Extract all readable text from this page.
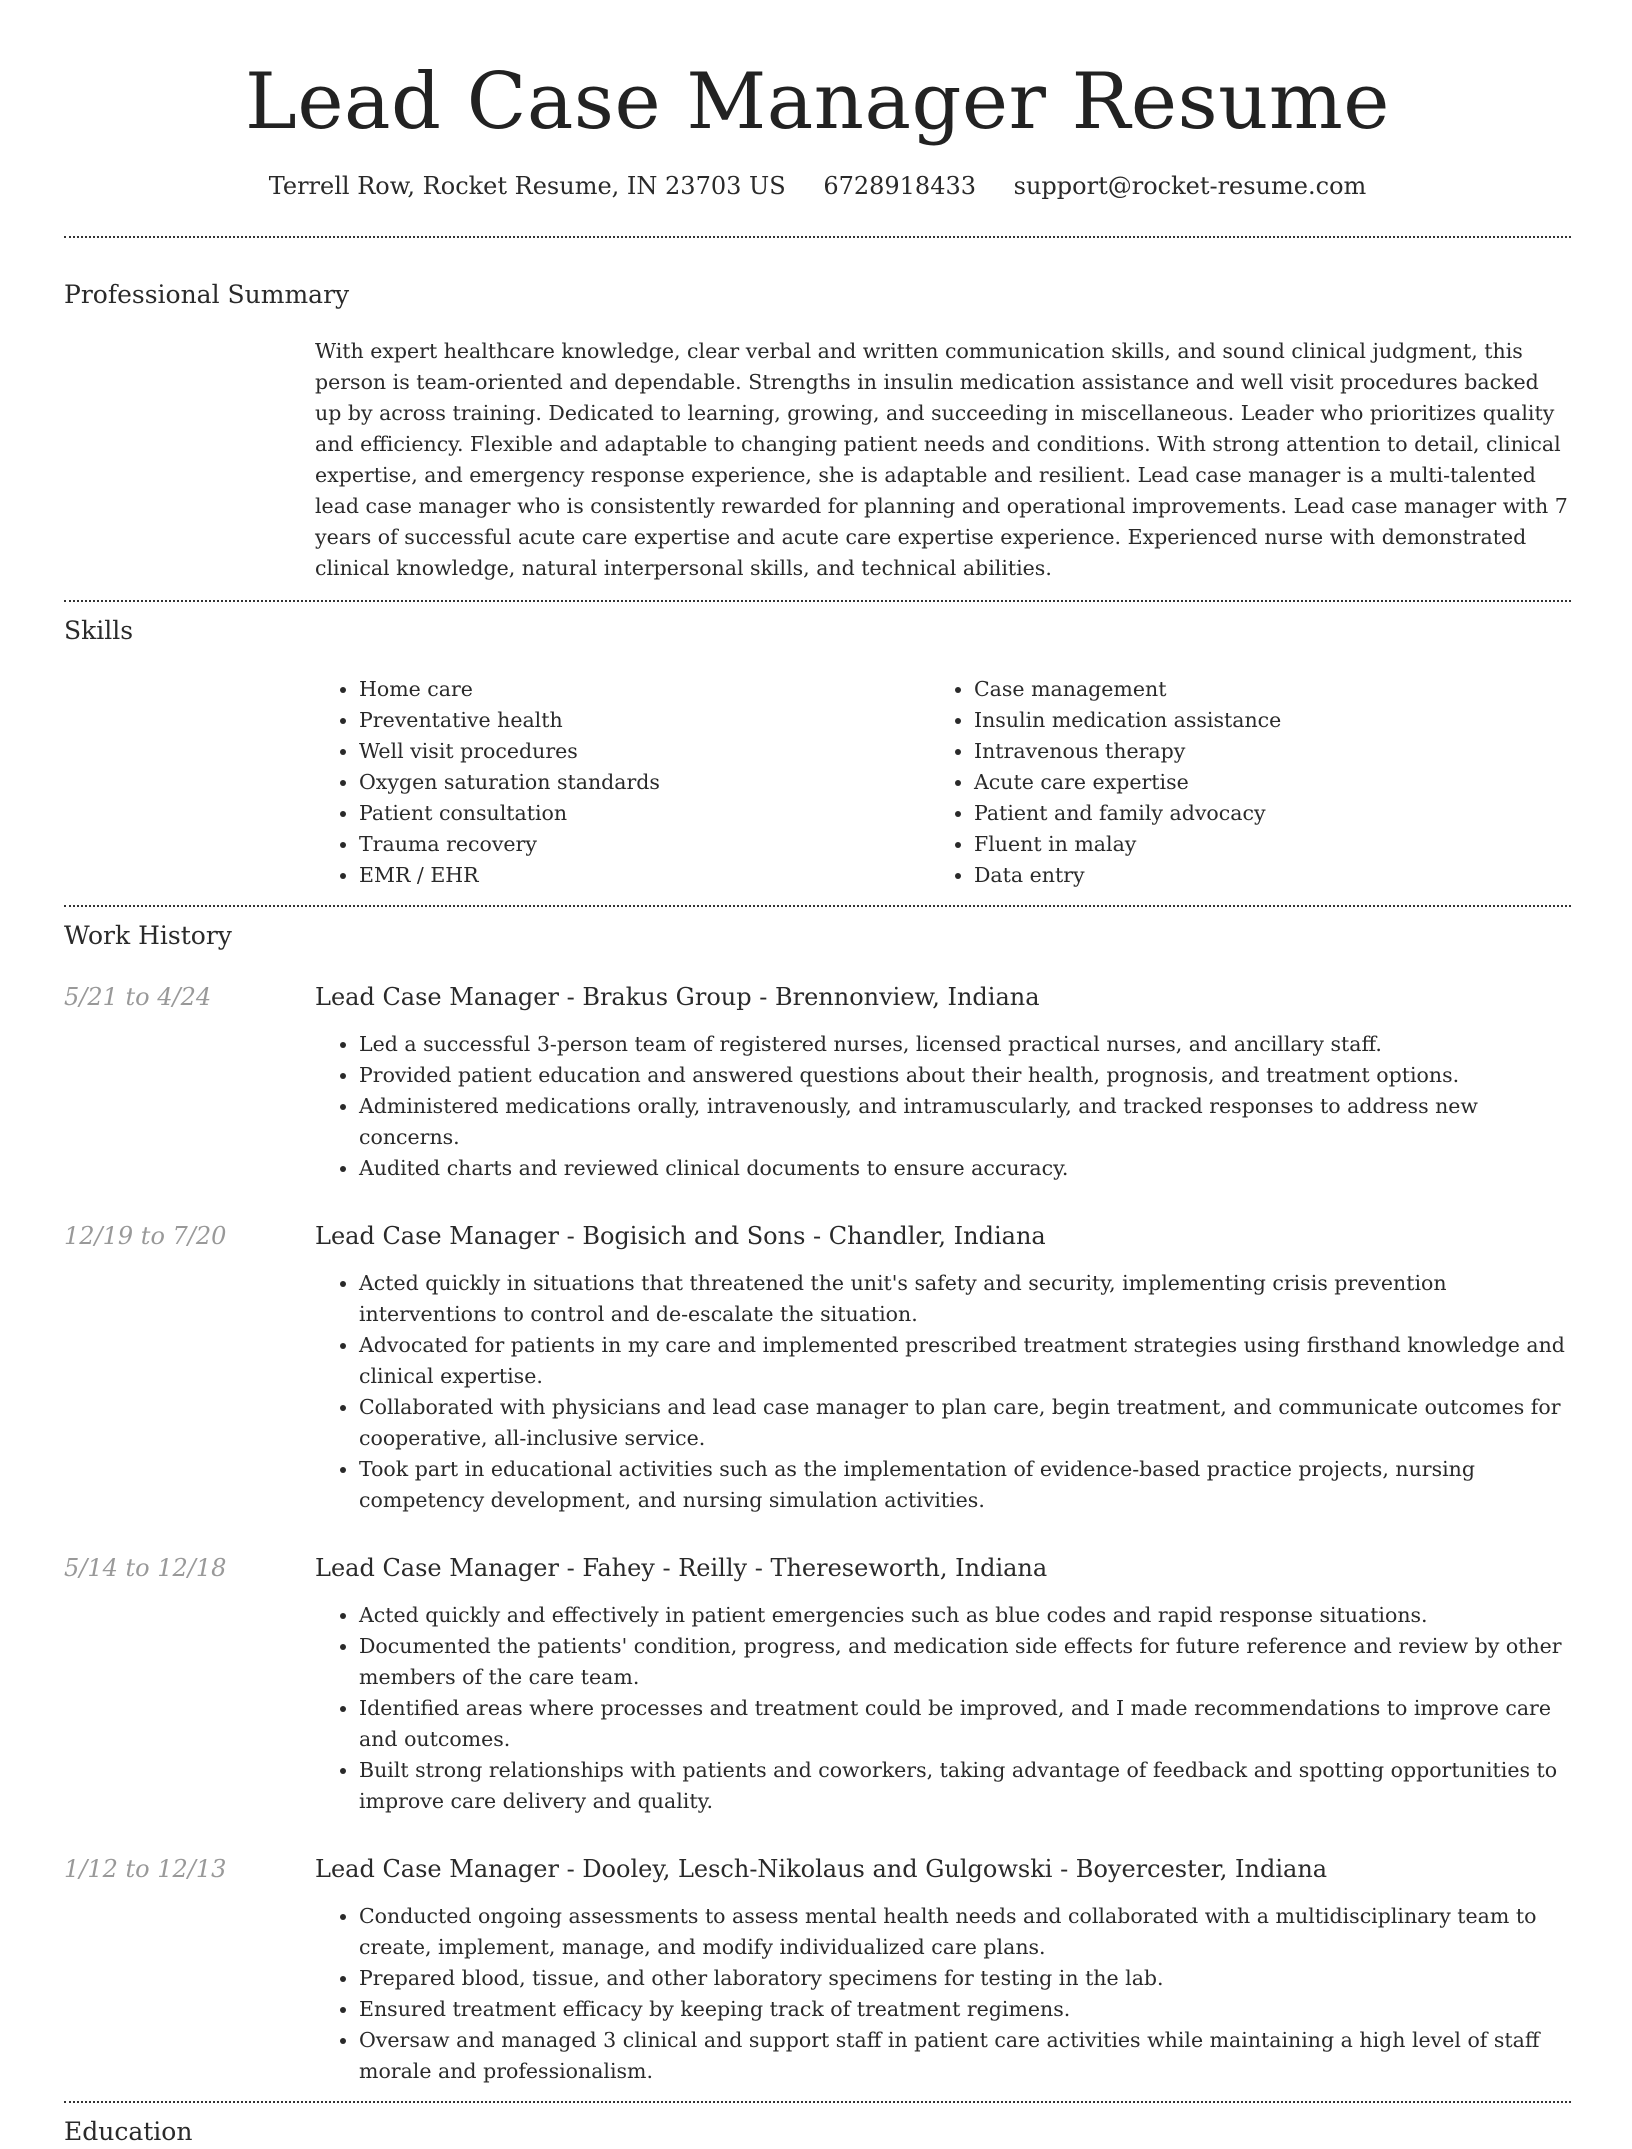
Lead Case Manager Resume
Terrell Row, Rocket Resume, IN 23703 US 6728918433 support@rocket-resume.com
Professional Summary

With expert healthcare knowledge, clear verbal and written communication skills, and sound clinical judgment, this person is team-oriented and dependable. Strengths in insulin medication assistance and well visit procedures backed up by across training. Dedicated to learning, growing, and succeeding in miscellaneous. Leader who prioritizes quality and efficiency. Flexible and adaptable to changing patient needs and conditions. With strong attention to detail, clinical expertise, and emergency response experience, she is adaptable and resilient. Lead case manager is a multi-talented lead case manager who is consistently rewarded for planning and operational improvements. Lead case manager with 7 years of successful acute care expertise and acute care expertise experience. Experienced nurse with demonstrated clinical knowledge, natural interpersonal skills, and technical abilities.

Skills
• Home care
• Preventative health
• Well visit procedures
• Oxygen saturation standards
• Patient consultation
• Trauma recovery
• EMR / EHR
• Case management
• Insulin medication assistance
• Intravenous therapy
• Acute care expertise
• Patient and family advocacy
• Fluent in malay
• Data entry
Work History
5/21 to 4/24	Lead Case Manager - Brakus Group - Brennonview, Indiana
• Led a successful 3-person team of registered nurses, licensed practical nurses, and ancillary staff.
• Provided patient education and answered questions about their health, prognosis, and treatment options.
• Administered medications orally, intravenously, and intramuscularly, and tracked responses to address new concerns.
• Audited charts and reviewed clinical documents to ensure accuracy.
12/19 to 7/20	Lead Case Manager - Bogisich and Sons - Chandler, Indiana
• Acted quickly in situations that threatened the unit's safety and security, implementing crisis prevention interventions to control and de-escalate the situation.
• Advocated for patients in my care and implemented prescribed treatment strategies using firsthand knowledge and clinical expertise.
• Collaborated with physicians and lead case manager to plan care, begin treatment, and communicate outcomes for cooperative, all-inclusive service.
• Took part in educational activities such as the implementation of evidence-based practice projects, nursing competency development, and nursing simulation activities.
5/14 to 12/18	Lead Case Manager - Fahey - Reilly - Thereseworth, Indiana
• Acted quickly and effectively in patient emergencies such as blue codes and rapid response situations.
• Documented the patients' condition, progress, and medication side effects for future reference and review by other members of the care team.
• Identified areas where processes and treatment could be improved, and I made recommendations to improve care and outcomes.
• Built strong relationships with patients and coworkers, taking advantage of feedback and spotting opportunities to improve care delivery and quality.
1/12 to 12/13	Lead Case Manager - Dooley, Lesch-Nikolaus and Gulgowski - Boyercester, Indiana
• Conducted ongoing assessments to assess mental health needs and collaborated with a multidisciplinary team to create, implement, manage, and modify individualized care plans.
• Prepared blood, tissue, and other laboratory specimens for testing in the lab.
• Ensured treatment efficacy by keeping track of treatment regimens.
• Oversaw and managed 3 clinical and support staff in patient care activities while maintaining a high level of staff morale and professionalism.
Education
